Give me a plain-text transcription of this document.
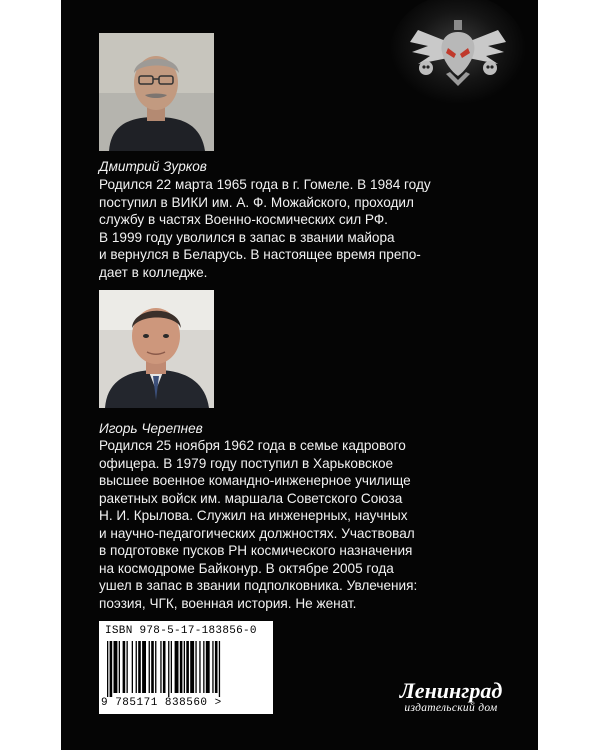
Дмитрий Зурков
Родился 22 марта 1965 года в г. Гомеле. В 1984 году
поступил в ВИКИ им. А. Ф. Можайского, проходил
службу в частях Военно-космических сил РФ.
В 1999 году уволился в запас в звании майора
и вернулся в Беларусь. В настоящее время препо-
дает в колледже.
Игорь Черепнев
Родился 25 ноября 1962 года в семье кадрового
офицера. В 1979 году поступил в Харьковское
высшее военное командно-инженерное училище
ракетных войск им. маршала Советского Союза
Н. И. Крылова. Служил на инженерных, научных
и научно-педагогических должностях. Участвовал
в подготовке пусков РН космического назначения
на космодроме Байконур. В октябре 2005 года
ушел в запас в звании подполковника. Увлечения:
поэзия, ЧГК, военная история. Не женат.
ISBN 978-5-17-183856-0
9 785171 838560 >	Ленинград
издательский дом
